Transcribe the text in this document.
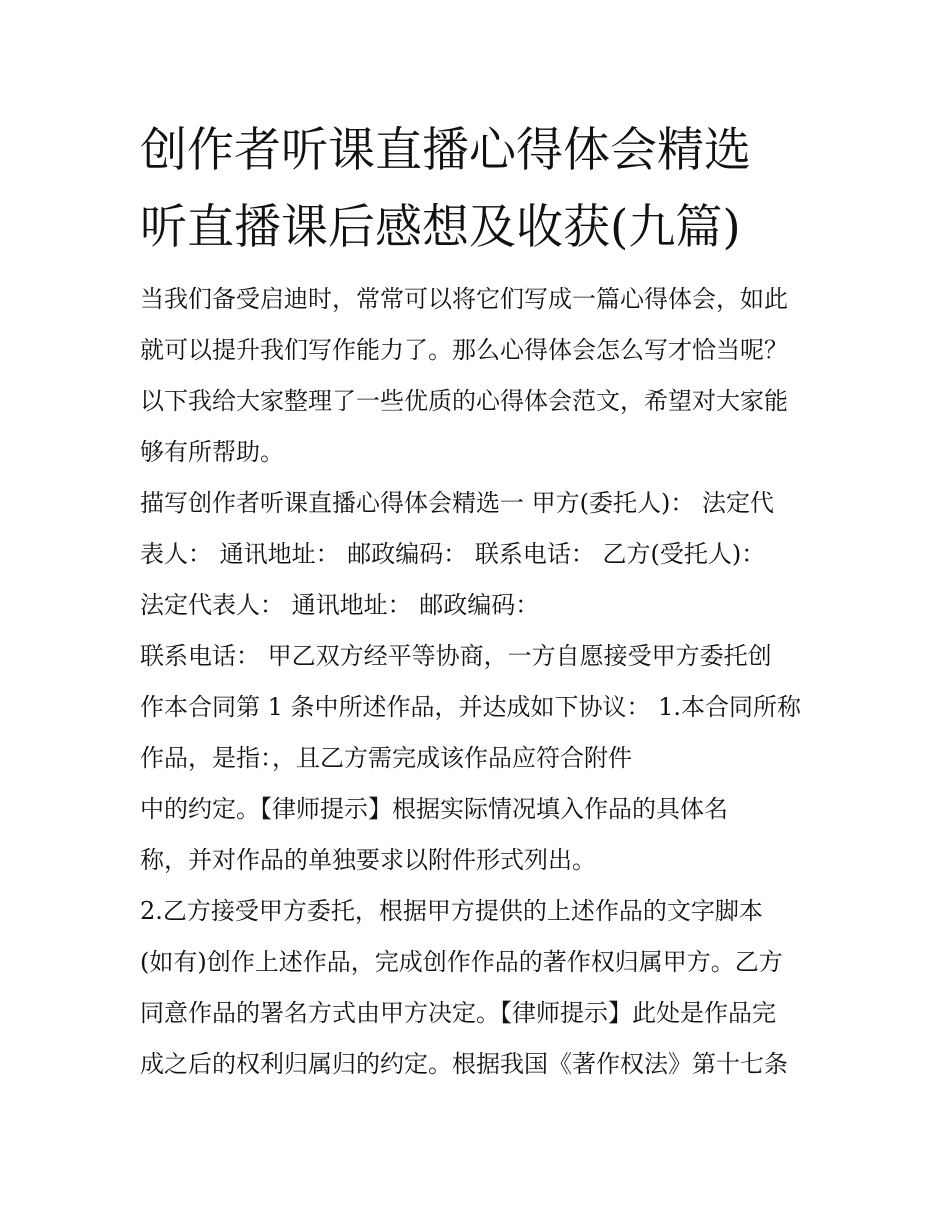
创作者听课直播心得体会精选
听直播课后感想及收获(九篇)
当我们备受启迪时，常常可以将它们写成一篇心得体会，如此
就可以提升我们写作能力了。那么心得体会怎么写才恰当呢？
以下我给大家整理了一些优质的心得体会范文，希望对大家能
够有所帮助。
描写创作者听课直播心得体会精选一 甲方(委托人)： 法定代
表人： 通讯地址： 邮政编码： 联系电话： 乙方(受托人)：
法定代表人： 通讯地址： 邮政编码：
联系电话： 甲乙双方经平等协商，一方自愿接受甲方委托创
作本合同第 1 条中所述作品，并达成如下协议： 1.本合同所称
作品，是指：，且乙方需完成该作品应符合附件
中的约定。【律师提示】根据实际情况填入作品的具体名
称，并对作品的单独要求以附件形式列出。
2.乙方接受甲方委托，根据甲方提供的上述作品的文字脚本
(如有)创作上述作品，完成创作作品的著作权归属甲方。乙方
同意作品的署名方式由甲方决定。【律师提示】此处是作品完
成之后的权利归属归的约定。根据我国《著作权法》第十七条
